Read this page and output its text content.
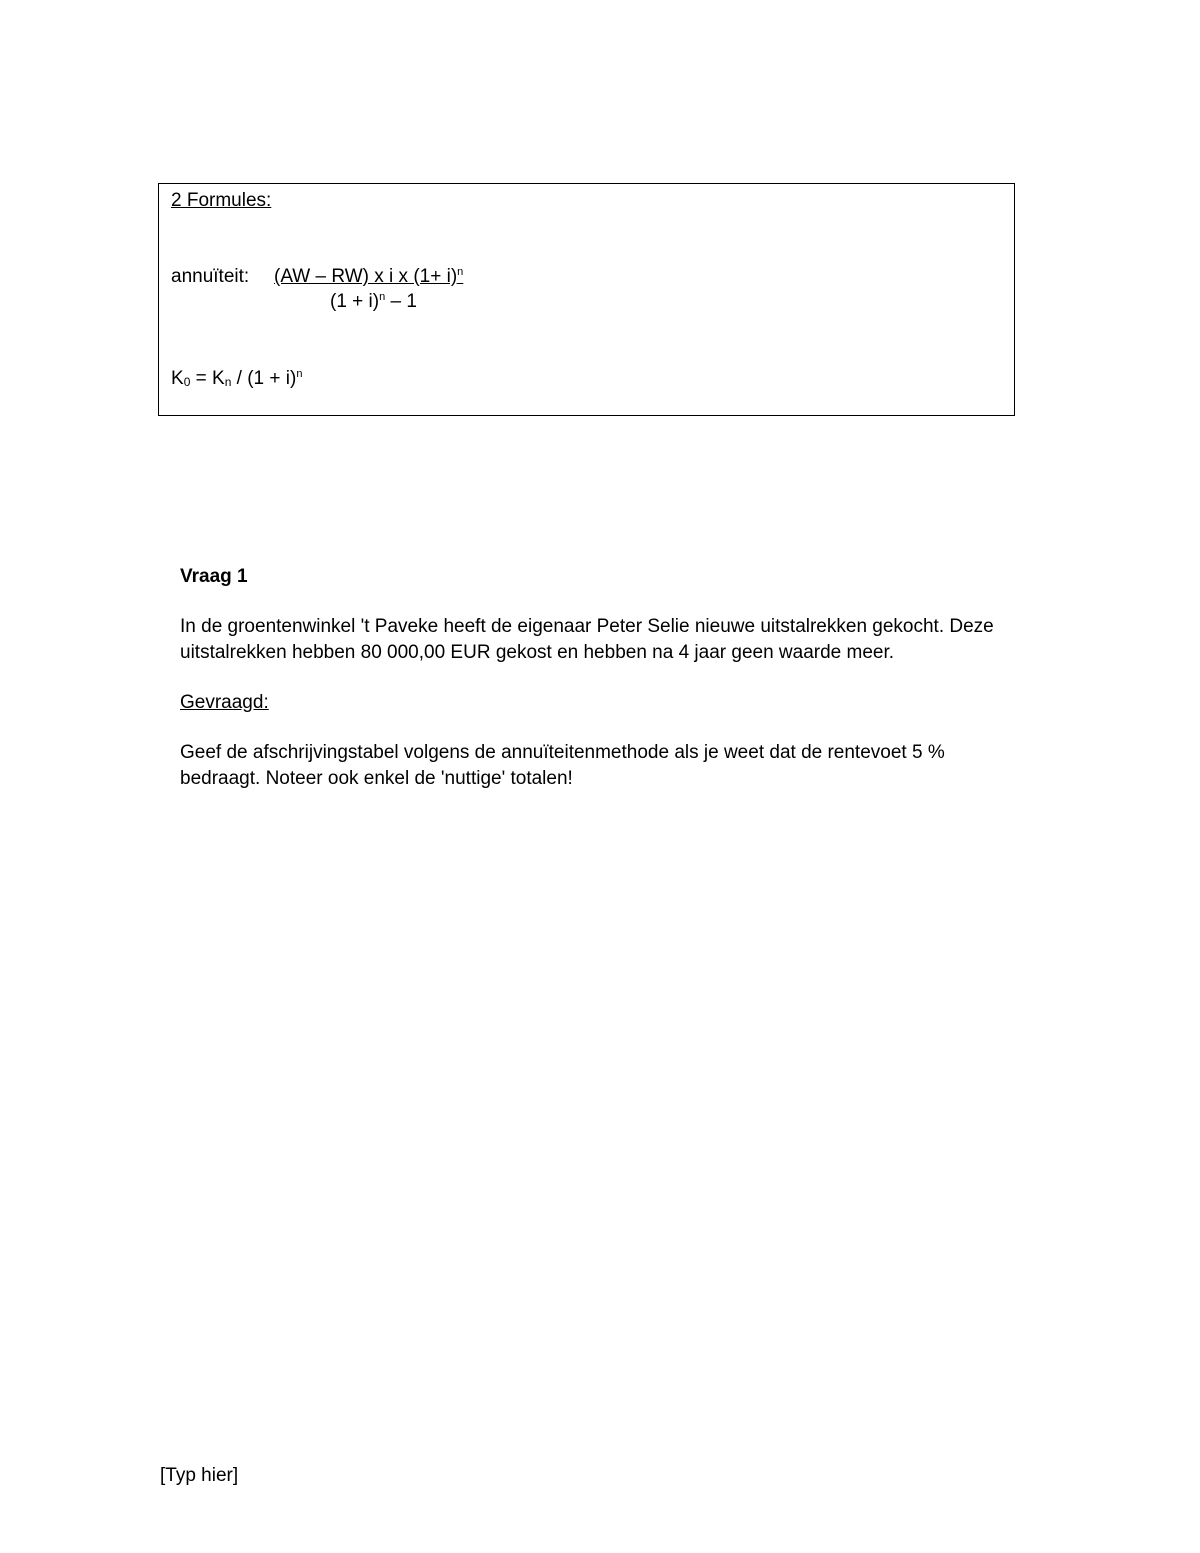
2 Formules:
annuïteit: (AW – RW) x i x $(1+ i)^n$
$(1 + i)^n - 1$
$K_0 = K_n / (1 + i)^n$

Vraag 1

In de groentenwinkel 't Paveke heeft de eigenaar Peter Selie nieuwe uitstalrekken gekocht. Deze uitstalrekken hebben 80 000,00 EUR gekost en hebben na 4 jaar geen waarde meer.

Gevraagd:

Geef de afschrijvingstabel volgens de annuïteitenmethode als je weet dat de rentevoet 5 % bedraagt. Noteer ook enkel de 'nuttige' totalen!

[Typ hier]
